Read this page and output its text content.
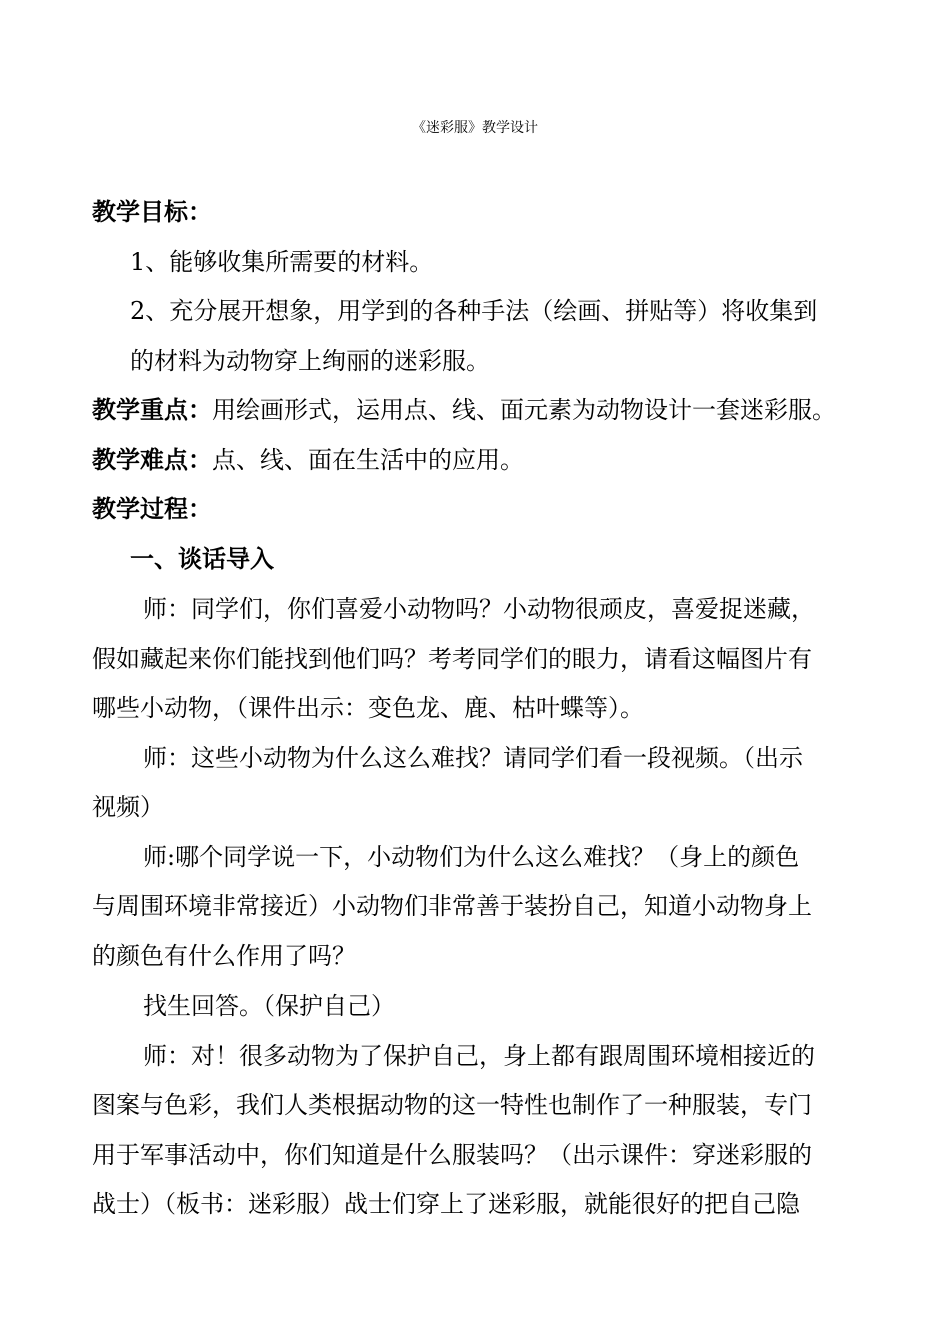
《迷彩服》教学设计
教学目标：
1、能够收集所需要的材料。
2、充分展开想象，用学到的各种手法（绘画、拼贴等）将收集到
的材料为动物穿上绚丽的迷彩服。
教学重点：用绘画形式，运用点、线、面元素为动物设计一套迷彩服。
教学难点：点、线、面在生活中的应用。
教学过程：
一、谈话导入
师：同学们，你们喜爱小动物吗？小动物很顽皮，喜爱捉迷藏，
假如藏起来你们能找到他们吗？考考同学们的眼力，请看这幅图片有
哪些小动物，（课件出示：变色龙、鹿、枯叶蝶等）。
师：这些小动物为什么这么难找？请同学们看一段视频。（出示
视频）
师:哪个同学说一下，小动物们为什么这么难找？（身上的颜色
与周围环境非常接近）小动物们非常善于装扮自己，知道小动物身上
的颜色有什么作用了吗？
找生回答。（保护自己）
师：对！很多动物为了保护自己，身上都有跟周围环境相接近的
图案与色彩，我们人类根据动物的这一特性也制作了一种服装，专门
用于军事活动中，你们知道是什么服装吗？（出示课件：穿迷彩服的
战士）（板书：迷彩服）战士们穿上了迷彩服，就能很好的把自己隐
